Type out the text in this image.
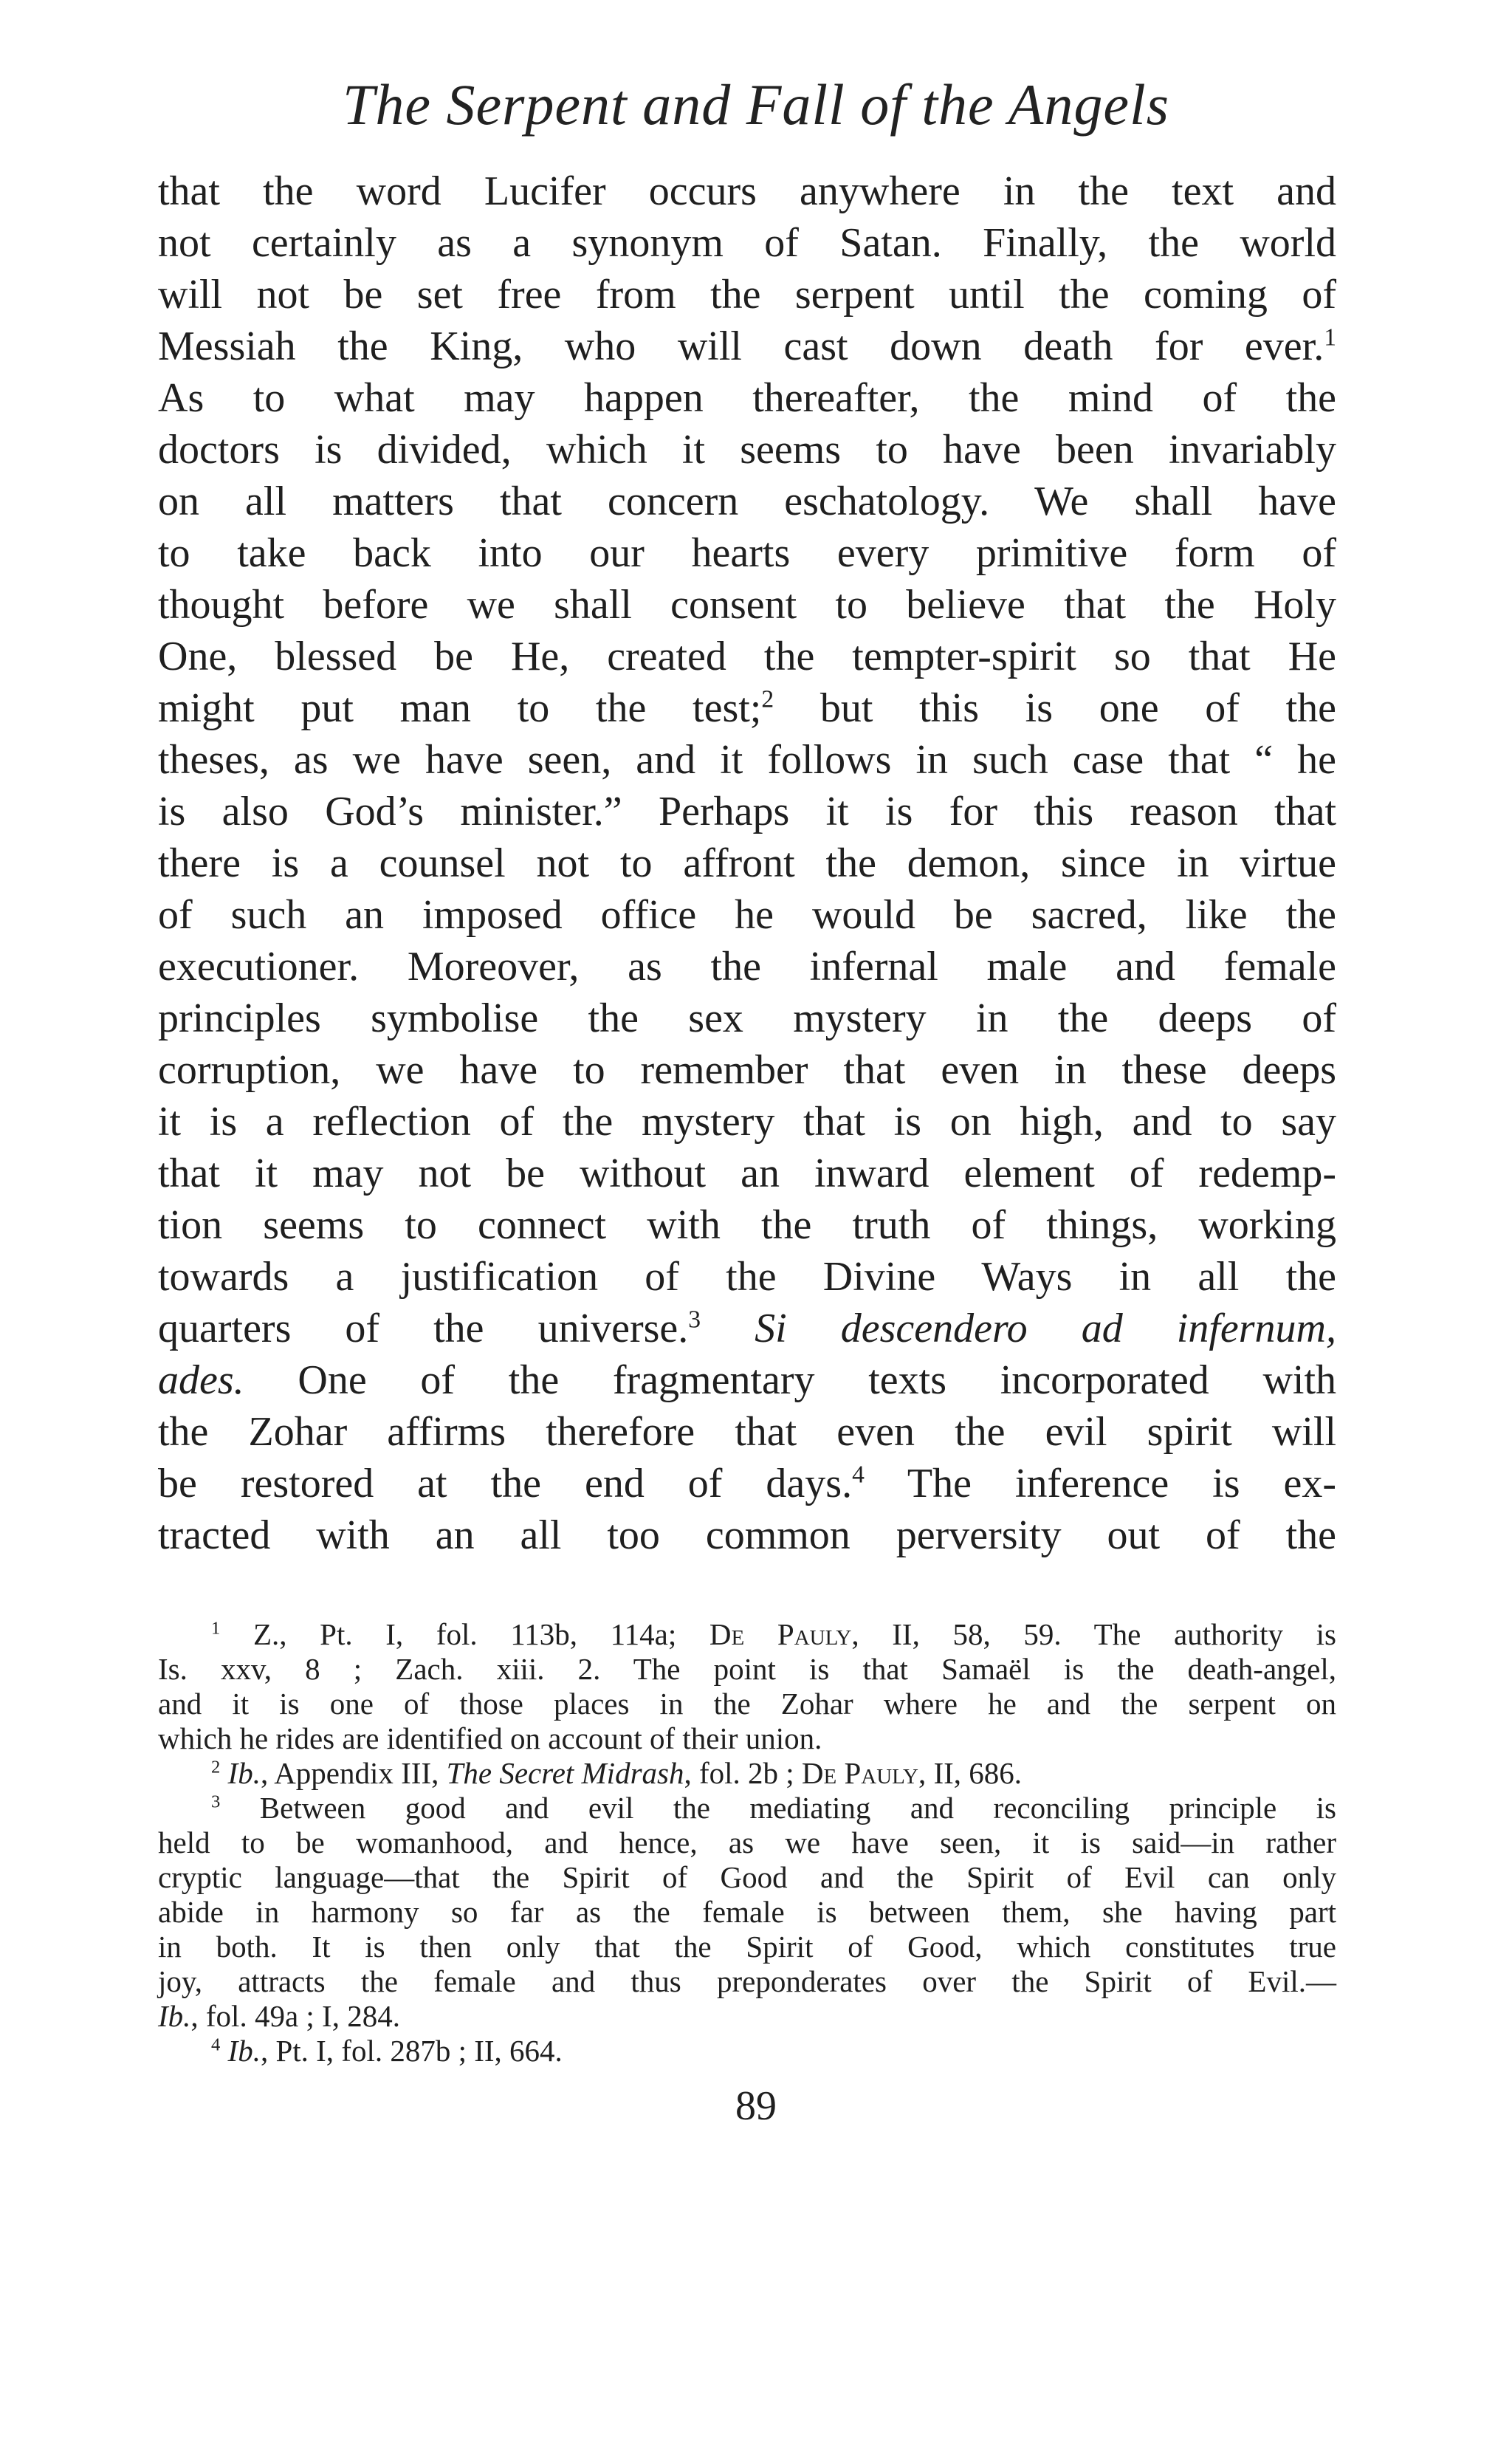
The Serpent and Fall of the Angels
that the word Lucifer occurs anywhere in the text and
not certainly as a synonym of Satan. Finally, the world
will not be set free from the serpent until the coming of
Messiah the King, who will cast down death for ever.$^1$
As to what may happen thereafter, the mind of the
doctors is divided, which it seems to have been invariably
on all matters that concern eschatology. We shall have
to take back into our hearts every primitive form of
thought before we shall consent to believe that the Holy
One, blessed be He, created the tempter-spirit so that He
might put man to the test;$^2$ but this is one of the
theses, as we have seen, and it follows in such case that “ he
is also God’s minister.” Perhaps it is for this reason that
there is a counsel not to affront the demon, since in virtue
of such an imposed office he would be sacred, like the
executioner. Moreover, as the infernal male and female
principles symbolise the sex mystery in the deeps of
corruption, we have to remember that even in these deeps
it is a reflection of the mystery that is on high, and to say
that it may not be without an inward element of redemp-
tion seems to connect with the truth of things, working
towards a justification of the Divine Ways in all the
quarters of the universe.$^3$ Si descendero ad infernum,
ades. One of the fragmentary texts incorporated with
the Zohar affirms therefore that even the evil spirit will
be restored at the end of days.$^4$ The inference is ex-
tracted with an all too common perversity out of the
$^1$ Z., Pt. I, fol. 113b, 114a; De Pauly, II, 58, 59. The authority is
Is. xxv, 8 ; Zach. xiii. 2. The point is that Samaël is the death-angel,
and it is one of those places in the Zohar where he and the serpent on
which he rides are identified on account of their union.
$^2$ Ib., Appendix III, The Secret Midrash, fol. 2b ; De Pauly, II, 686.
$^3$ Between good and evil the mediating and reconciling principle is
held to be womanhood, and hence, as we have seen, it is said—in rather
cryptic language—that the Spirit of Good and the Spirit of Evil can only
abide in harmony so far as the female is between them, she having part
in both. It is then only that the Spirit of Good, which constitutes true
joy, attracts the female and thus preponderates over the Spirit of Evil.—
Ib., fol. 49a ; I, 284.
$^4$ Ib., Pt. I, fol. 287b ; II, 664.
89
